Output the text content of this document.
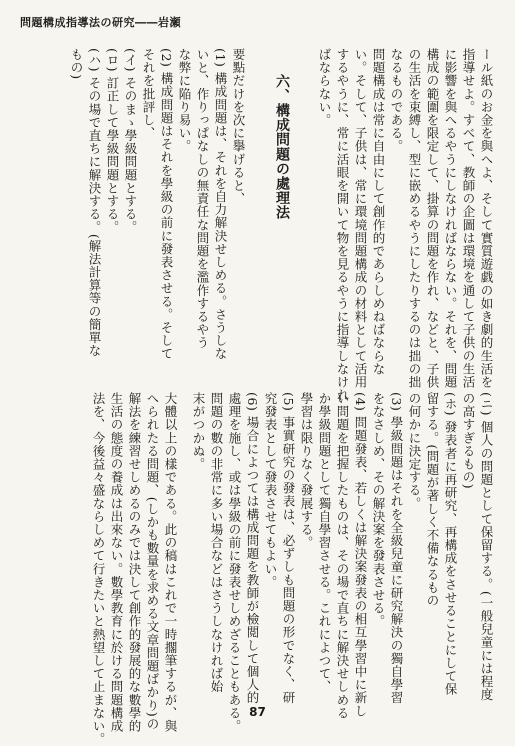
問題構成指導法の研究――岩瀬
ール紙のお金を與へよ、そして實質遊戯の如き劇的生活を
指導せよ。すべて、教師の企圖は環境を通して子供の生活
に影響を與へるやうにしなければならない。それを、問題
構成の範圍を限定して、掛算の問題を作れ、などと、子供
の生活を束縛し、型に嵌めるやうにしたりするのは拙の拙
なるものである。
問題構成は常に自由にして創作的であらしめねばならな
い。そして、子供は、常に環境問題構成の材料として活用
するやうに、常に活眼を開いて物を見るやうに指導しなけれ
ばならない。
六、構成問題の處理法
要點だけを次に擧げると、
(1) 構成問題は、それを自力解決せしめる。さうしな
いと、作りっぱなしの無責任な問題を濫作するやう
な弊に陥り易い。
(2) 構成問題はそれを學級の前に發表させる。そして
それを批評し、
(イ) そのまゝ學級問題とする。
(ロ) 訂正して學級問題とする。
(ハ) その場で直ちに解決する。(解法計算等の簡單な
もの)
(ニ) 個人の問題として保留する。(一般兒童には程度
の高すぎるもの)
(ホ) 發表者に再研究、再構成をさせることにして保
留する。(問題が著しく不備なるもの
の何かに決定する。
(3) 學級問題はそれを全級兒童に研究解決の獨自學習
をなさしめ、その解決案を發表させる。
(4) 問題發表、若しくは解決案發表の相互學習中に新し
い問題を把握したものは、その場で直ちに解決せしめる
か學級問題として獨自學習させる。これによつて、
學習は限りなく發展する。
(5) 事實研究の發表は、必ずしも問題の形でなく、研
究發表として發表させてもよい。
(6) 場合によつては構成問題を教師が檢閲して個人的
處理を施し、或は學級の前に發表せしめざることもある。
問題の數の非常に多い場合などはさうしなければ始
末がつかぬ。
大體以上の樣である。此の稿はこれで一時擱筆するが、與
へられたる問題、(しかも數量を求める文章問題ばかり)の
解法を練習せしめるのみでは決して創作的發展的な數學的
生活の態度の養成は出來ない。數學教育に於ける問題構成
法を、今後益々盛ならしめて行きたいと熱望して止まない。	87
